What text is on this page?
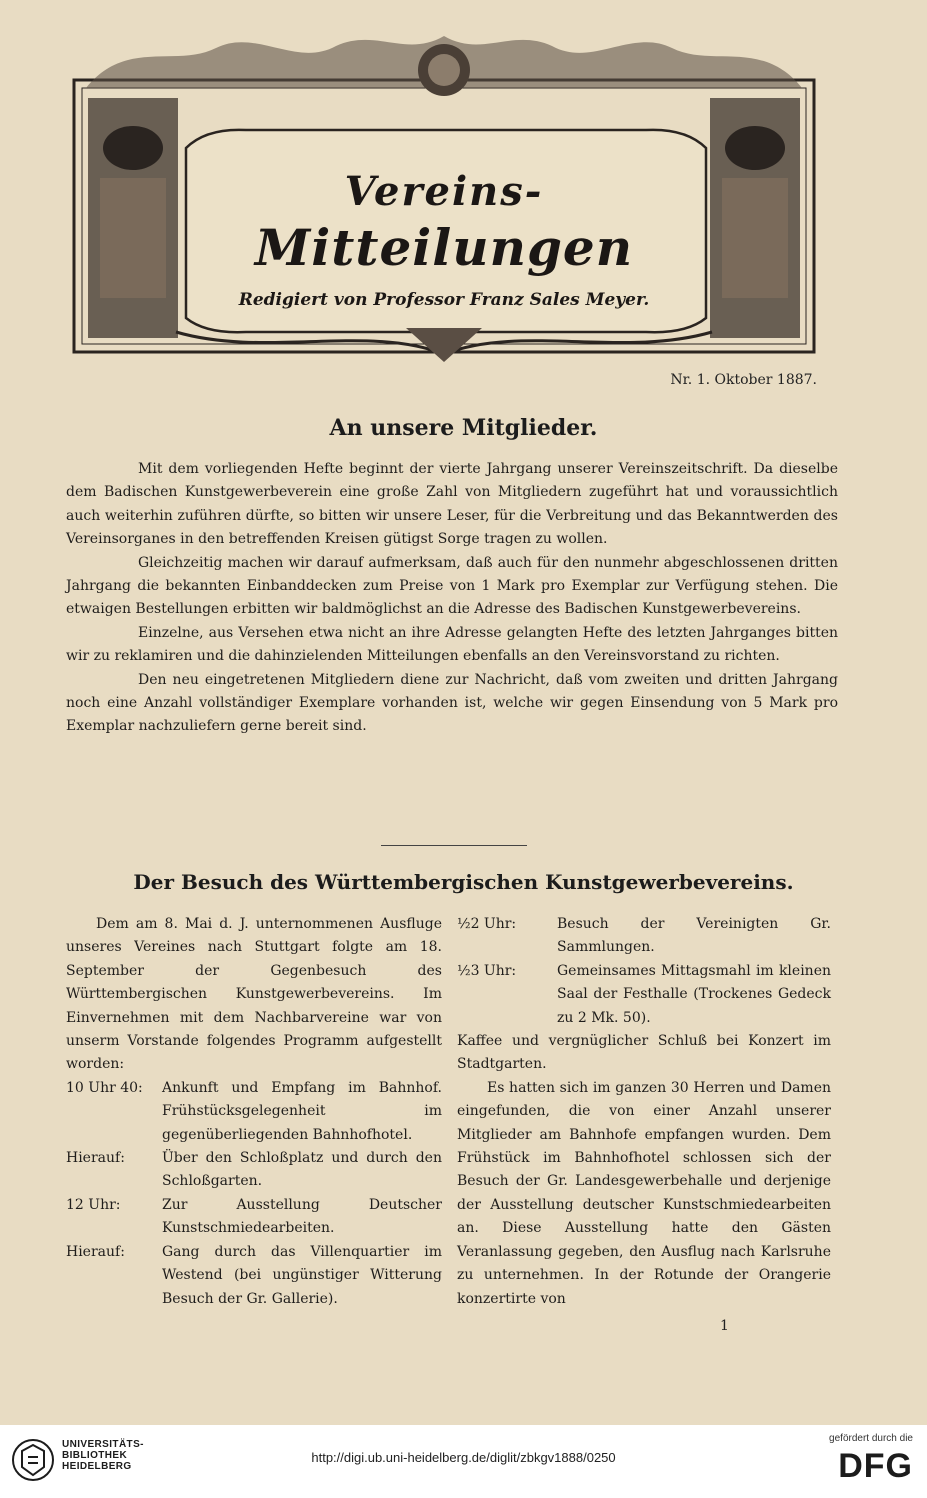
Vereins-
Mitteilungen
Redigiert von Professor Franz Sales Meyer.
Nr. 1. Oktober 1887.
An unsere Mitglieder.

Mit dem vorliegenden Hefte beginnt der vierte Jahrgang unserer Vereinszeitschrift. Da dieselbe dem Badischen Kunstgewerbeverein eine große Zahl von Mitgliedern zugeführt hat und voraussichtlich auch weiterhin zuführen dürfte, so bitten wir unsere Leser, für die Verbreitung und das Bekanntwerden des Vereinsorganes in den betreffenden Kreisen gütigst Sorge tragen zu wollen.

Gleichzeitig machen wir darauf aufmerksam, daß auch für den nunmehr abgeschlossenen dritten Jahrgang die bekannten Einbanddecken zum Preise von 1 Mark pro Exemplar zur Verfügung stehen. Die etwaigen Bestellungen erbitten wir baldmöglichst an die Adresse des Badischen Kunstgewerbevereins.

Einzelne, aus Versehen etwa nicht an ihre Adresse gelangten Hefte des letzten Jahrganges bitten wir zu reklamiren und die dahinzielenden Mitteilungen ebenfalls an den Vereinsvorstand zu richten.

Den neu eingetretenen Mitgliedern diene zur Nachricht, daß vom zweiten und dritten Jahrgang noch eine Anzahl vollständiger Exemplare vorhanden ist, welche wir gegen Einsendung von 5 Mark pro Exemplar nachzuliefern gerne bereit sind.

Der Besuch des Württembergischen Kunstgewerbevereins.

Dem am 8. Mai d. J. unternommenen Ausfluge unseres Vereines nach Stuttgart folgte am 18. September der Gegenbesuch des Württembergischen Kunstgewerbevereins. Im Einvernehmen mit dem Nachbarvereine war von unserm Vorstande folgendes Programm aufgestellt worden:

10 Uhr 40:	Ankunft und Empfang im Bahnhof. Frühstücksgelegenheit im gegenüberliegenden Bahnhofhotel.
Hierauf:	Über den Schloßplatz und durch den Schloßgarten.
12 Uhr:	Zur Ausstellung Deutscher Kunstschmiedearbeiten.
Hierauf:	Gang durch das Villenquartier im Westend (bei ungünstiger Witterung Besuch der Gr. Gallerie).
½2 Uhr:	Besuch der Vereinigten Gr. Sammlungen.
½3 Uhr:	Gemeinsames Mittagsmahl im kleinen Saal der Festhalle (Trockenes Gedeck zu 2 Mk. 50).

Kaffee und vergnüglicher Schluß bei Konzert im Stadtgarten.

Es hatten sich im ganzen 30 Herren und Damen eingefunden, die von einer Anzahl unserer Mitglieder am Bahnhofe empfangen wurden. Dem Frühstück im Bahnhofhotel schlossen sich der Besuch der Gr. Landesgewerbehalle und derjenige der Ausstellung deutscher Kunstschmiedearbeiten an. Diese Ausstellung hatte den Gästen Veranlassung gegeben, den Ausflug nach Karlsruhe zu unternehmen. In der Rotunde der Orangerie konzertirte von

1
UNIVERSITÄTS-
BIBLIOTHEK
HEIDELBERG
http://digi.ub.uni-heidelberg.de/diglit/zbkgv1888/0250
gefördert durch die
DFG
